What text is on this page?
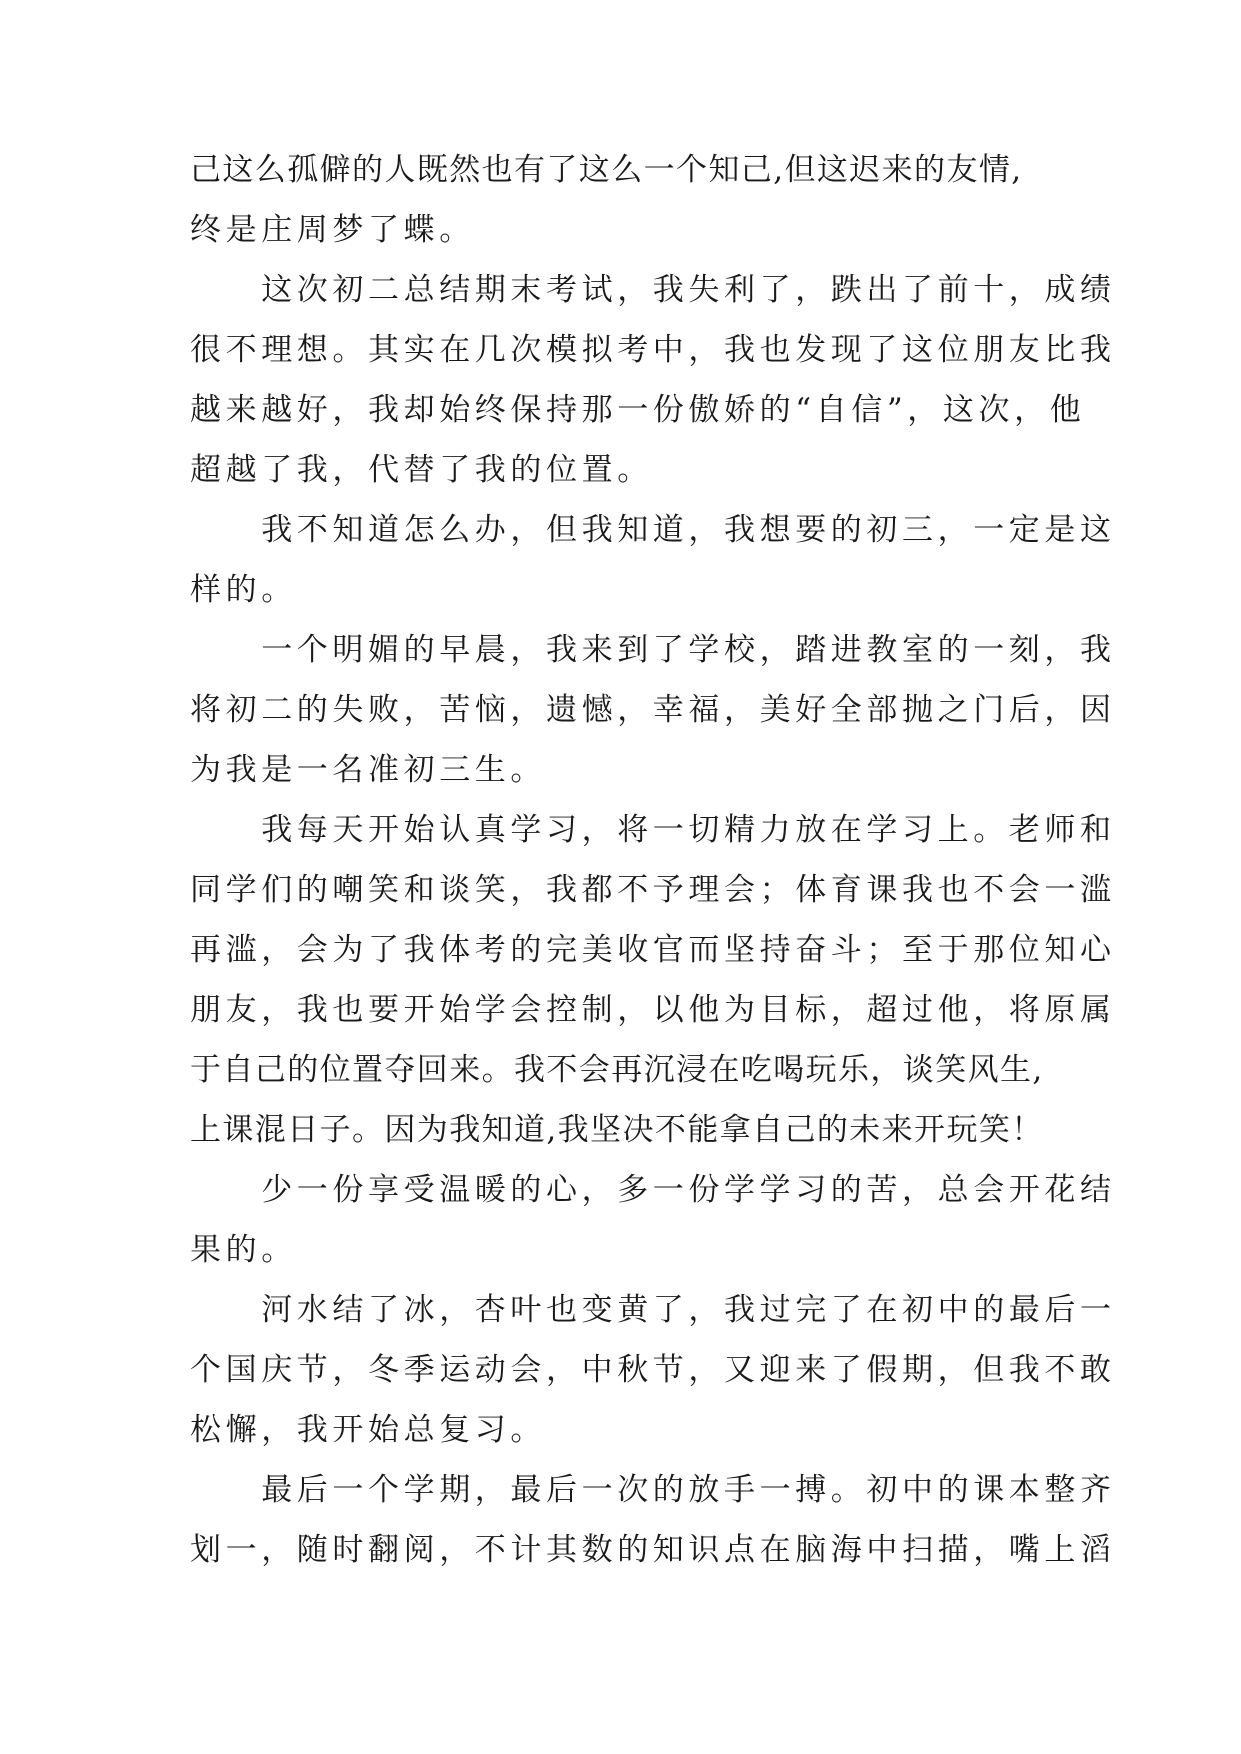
己这么孤僻的人既然也有了这么一个知己,但这迟来的友情,
终是庄周梦了蝶。
　　这次初二总结期末考试，我失利了，跌出了前十，成绩
很不理想。其实在几次模拟考中，我也发现了这位朋友比我
越来越好，我却始终保持那一份傲娇的“自信”，这次，他
超越了我，代替了我的位置。
　　我不知道怎么办，但我知道，我想要的初三，一定是这
样的。
　　一个明媚的早晨，我来到了学校，踏进教室的一刻，我
将初二的失败，苦恼，遗憾，幸福，美好全部抛之门后，因
为我是一名准初三生。
　　我每天开始认真学习，将一切精力放在学习上。老师和
同学们的嘲笑和谈笑，我都不予理会；体育课我也不会一滥
再滥，会为了我体考的完美收官而坚持奋斗；至于那位知心
朋友，我也要开始学会控制，以他为目标，超过他，将原属
于自己的位置夺回来。我不会再沉浸在吃喝玩乐，谈笑风生,
上课混日子。因为我知道,我坚决不能拿自己的未来开玩笑！
　　少一份享受温暖的心，多一份学学习的苦，总会开花结
果的。
　　河水结了冰，杏叶也变黄了，我过完了在初中的最后一
个国庆节，冬季运动会，中秋节，又迎来了假期，但我不敢
松懈，我开始总复习。
　　最后一个学期，最后一次的放手一搏。初中的课本整齐
划一，随时翻阅，不计其数的知识点在脑海中扫描，嘴上滔
